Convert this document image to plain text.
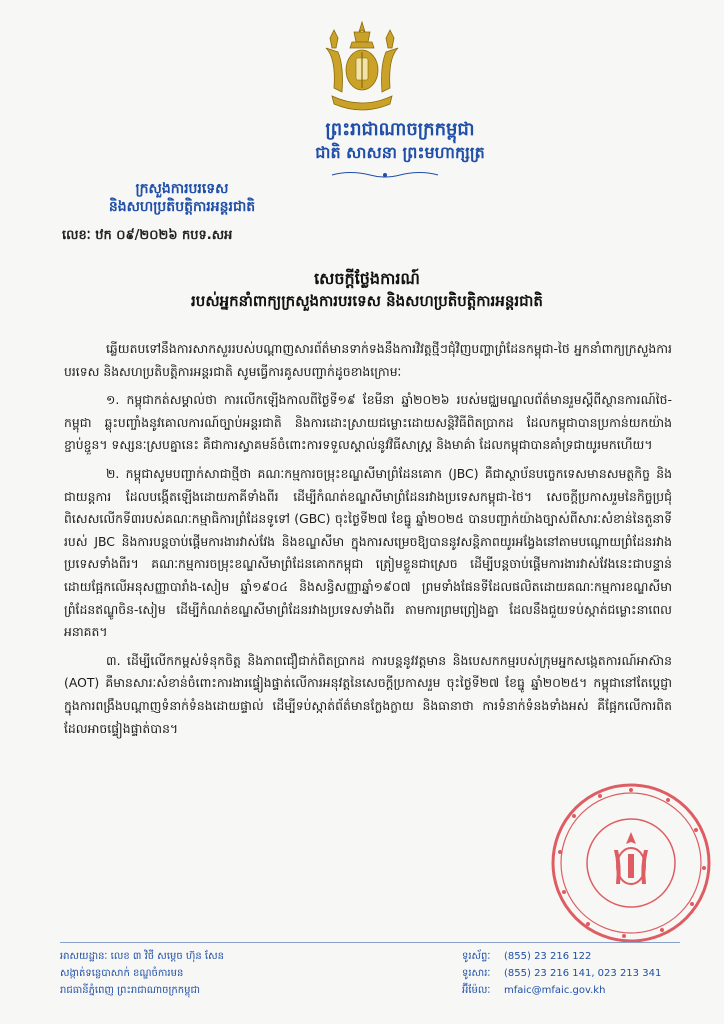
ព្រះរាជាណាចក្រកម្ពុជា
ជាតិ សាសនា ព្រះមហាក្សត្រ
ក្រសួងការបរទេស
និងសហប្រតិបត្តិការអន្តរជាតិ
លេខៈ ឋក ០៩/២០២៦ កបទ.សអ
សេចក្តីថ្លែងការណ៍
របស់អ្នកនាំពាក្យក្រសួងការបរទេស និងសហប្រតិបត្តិការអន្តរជាតិ

ឆ្លើយតបទៅនឹងការសាកសួររបស់បណ្តាញសារព័ត៌មានទាក់ទងនឹងការវិវត្តថ្មីៗជុំវិញបញ្ហាព្រំដែនកម្ពុជា-ថៃ អ្នកនាំពាក្យក្រសួងការបរទេស និងសហប្រតិបត្តិការអន្តរជាតិ សូមធ្វើការគូសបញ្ជាក់ដូចខាងក្រោមៈ

១. កម្ពុជាកត់សម្គាល់ថា ការលើកឡើងកាលពីថ្ងៃទី១៩ ខែមីនា ឆ្នាំ២០២៦ របស់មជ្ឈមណ្ឌលព័ត៌មានរួមស្តីពីស្ថានការណ៍ថៃ-កម្ពុជា ឆ្លុះបញ្ចាំងនូវគោលការណ៍ច្បាប់អន្តរជាតិ និងការដោះស្រាយជម្លោះដោយសន្តិវិធីពិតប្រាកដ ដែលកម្ពុជាបានប្រកាន់យកយ៉ាងខ្ជាប់ខ្ជួន។ ទស្សនៈស្របគ្នានេះ គឺជាការស្វាគមន៍ចំពោះការទទួលស្គាល់នូវវិធីសាស្ត្រ និងមាគ៌ា ដែលកម្ពុជាបានគាំទ្រជាយូរមកហើយ។

២. កម្ពុជាសូមបញ្ជាក់សាជាថ្មីថា គណៈកម្មការចម្រុះខណ្ឌសីមាព្រំដែនគោក (JBC) គឺជាស្ថាប័នបច្ចេកទេសមានសមត្ថកិច្ច និងជាយន្តការ ដែលបង្កើតឡើងដោយភាគីទាំងពីរ ដើម្បីកំណត់ខណ្ឌសីមាព្រំដែនរវាងប្រទេសកម្ពុជា-ថៃ។ សេចក្តីប្រកាសរួមនៃកិច្ចប្រជុំពិសេសលើកទី៣របស់គណៈកម្មាធិការព្រំដែនទូទៅ (GBC) ចុះថ្ងៃទី២៧ ខែធ្នូ ឆ្នាំ២០២៥ បានបញ្ជាក់យ៉ាងច្បាស់ពីសារៈសំខាន់នៃតួនាទីរបស់ JBC និងការបន្តចាប់ផ្តើមការងារវាស់វែង និងខណ្ឌសីមា ក្នុងការសម្រេចឱ្យបាននូវសន្តិភាពយូរអង្វែងនៅតាមបណ្តោយព្រំដែនរវាងប្រទេសទាំងពីរ។ គណៈកម្មការចម្រុះខណ្ឌសីមាព្រំដែនគោកកម្ពុជា ត្រៀមខ្លួនជាស្រេច ដើម្បីបន្តចាប់ផ្តើមការងារវាស់វែងនេះជាបន្ទាន់ ដោយផ្អែកលើអនុសញ្ញាបារាំង-សៀម ឆ្នាំ១៩០៤ និងសន្ធិសញ្ញាឆ្នាំ១៩០៧ ព្រមទាំងផែនទីដែលផលិតដោយគណៈកម្មការខណ្ឌសីមាព្រំដែនឥណ្ឌូចិន-សៀម ដើម្បីកំណត់ខណ្ឌសីមាព្រំដែនរវាងប្រទេសទាំងពីរ តាមការព្រមព្រៀងគ្នា ដែលនឹងជួយទប់ស្កាត់ជម្លោះនាពេលអនាគត។

៣. ដើម្បីលើកកម្ពស់ទំនុកចិត្ត និងភាពជឿជាក់ពិតប្រាកដ ការបន្តនូវវត្តមាន និងបេសកកម្មរបស់ក្រុមអ្នកសង្កេតការណ៍អាស៊ាន (AOT) គឺមានសារៈសំខាន់ចំពោះការងារផ្ទៀងផ្ទាត់លើការអនុវត្តនៃសេចក្តីប្រកាសរួម ចុះថ្ងៃទី២៧ ខែធ្នូ ឆ្នាំ២០២៥។ កម្ពុជានៅតែប្តេជ្ញាក្នុងការពង្រឹងបណ្តាញទំនាក់ទំនងដោយផ្ទាល់ ដើម្បីទប់ស្កាត់ព័ត៌មានក្លែងក្លាយ និងធានាថា ការទំនាក់ទំនងទាំងអស់ គឺផ្អែកលើការពិតដែលអាចផ្ទៀងផ្ទាត់បាន។

អាសយដ្ឋានៈ លេខ ៣ វិថី សម្តេច ហ៊ុន សែន
សង្កាត់ទន្លេបាសាក់ ខណ្ឌចំការមន
រាជធានីភ្នំពេញ ព្រះរាជាណាចក្រកម្ពុជា
ទូរស័ព្ទៈ	(855) 23 216 122
ទូរសារៈ	(855) 23 216 141, 023 213 341
អ៊ីម៉ែលៈ	mfaic@mfaic.gov.kh
